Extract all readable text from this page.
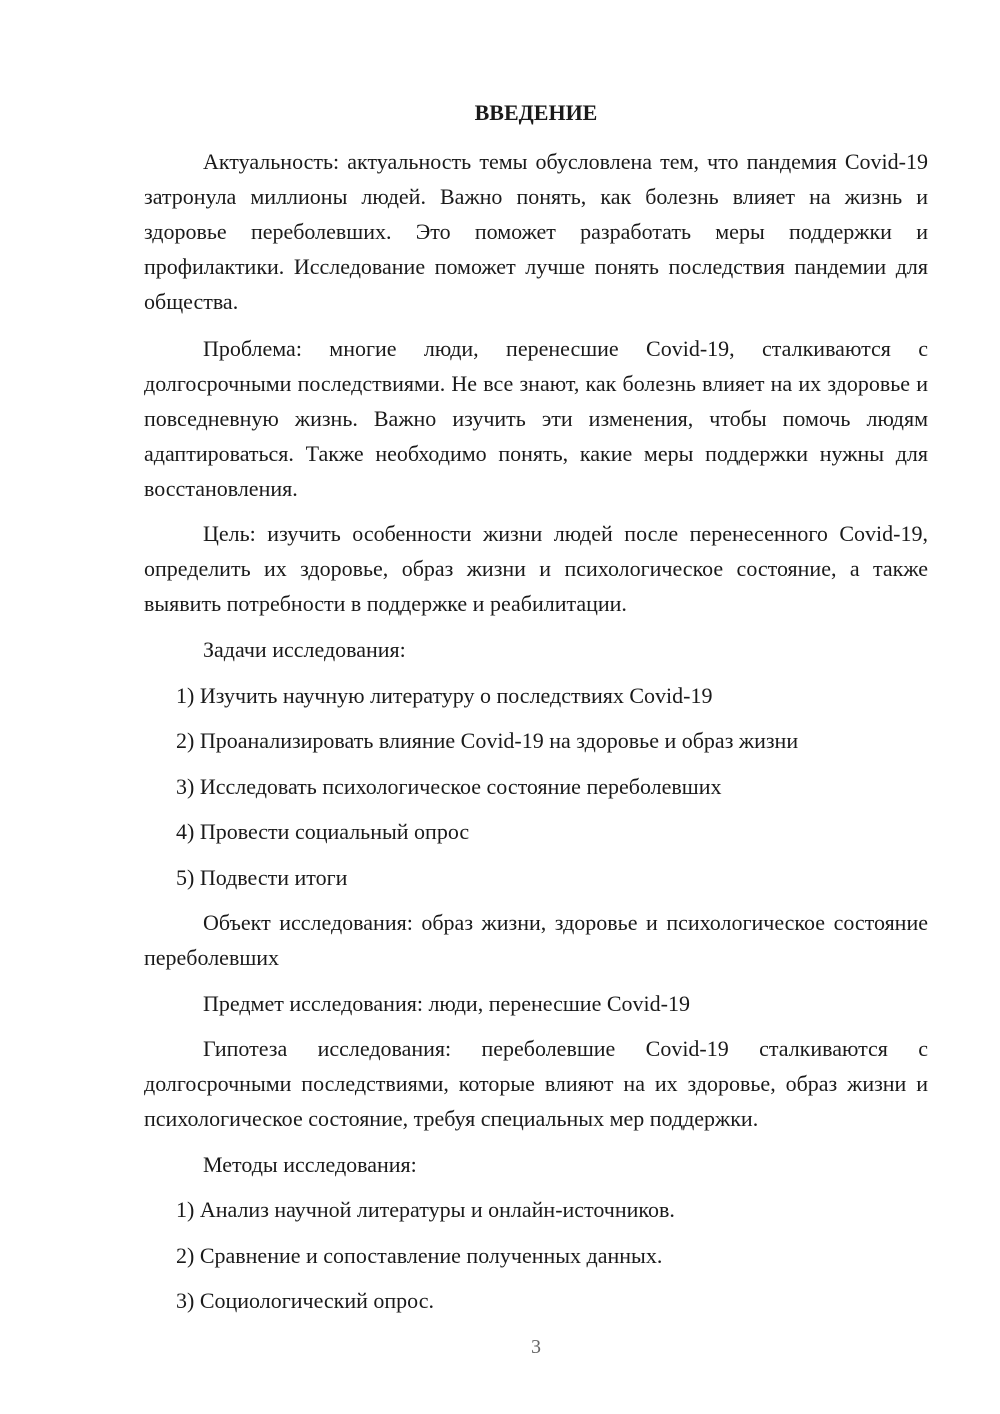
ВВЕДЕНИЕ

Актуальность: актуальность темы обусловлена тем, что пандемия Covid-19 затронула миллионы людей. Важно понять, как болезнь влияет на жизнь и здоровье переболевших. Это поможет разработать меры поддержки и профилактики. Исследование поможет лучше понять последствия пандемии для общества.

Проблема: многие люди, перенесшие Covid-19, сталкиваются с долгосрочными последствиями. Не все знают, как болезнь влияет на их здоровье и повседневную жизнь. Важно изучить эти изменения, чтобы помочь людям адаптироваться. Также необходимо понять, какие меры поддержки нужны для восстановления.

Цель: изучить особенности жизни людей после перенесенного Covid-19, определить их здоровье, образ жизни и психологическое состояние, а также выявить потребности в поддержке и реабилитации.

Задачи исследования:

1) Изучить научную литературу о последствиях Covid-19

2) Проанализировать влияние Covid-19 на здоровье и образ жизни

3) Исследовать психологическое состояние переболевших

4) Провести социальный опрос

5) Подвести итоги

Объект исследования: образ жизни, здоровье и психологическое состояние переболевших

Предмет исследования: люди, перенесшие Covid-19

Гипотеза исследования: переболевшие Covid-19 сталкиваются с долгосрочными последствиями, которые влияют на их здоровье, образ жизни и психологическое состояние, требуя специальных мер поддержки.

Методы исследования:

1) Анализ научной литературы и онлайн-источников.

2) Сравнение и сопоставление полученных данных.

3) Социологический опрос.

3
